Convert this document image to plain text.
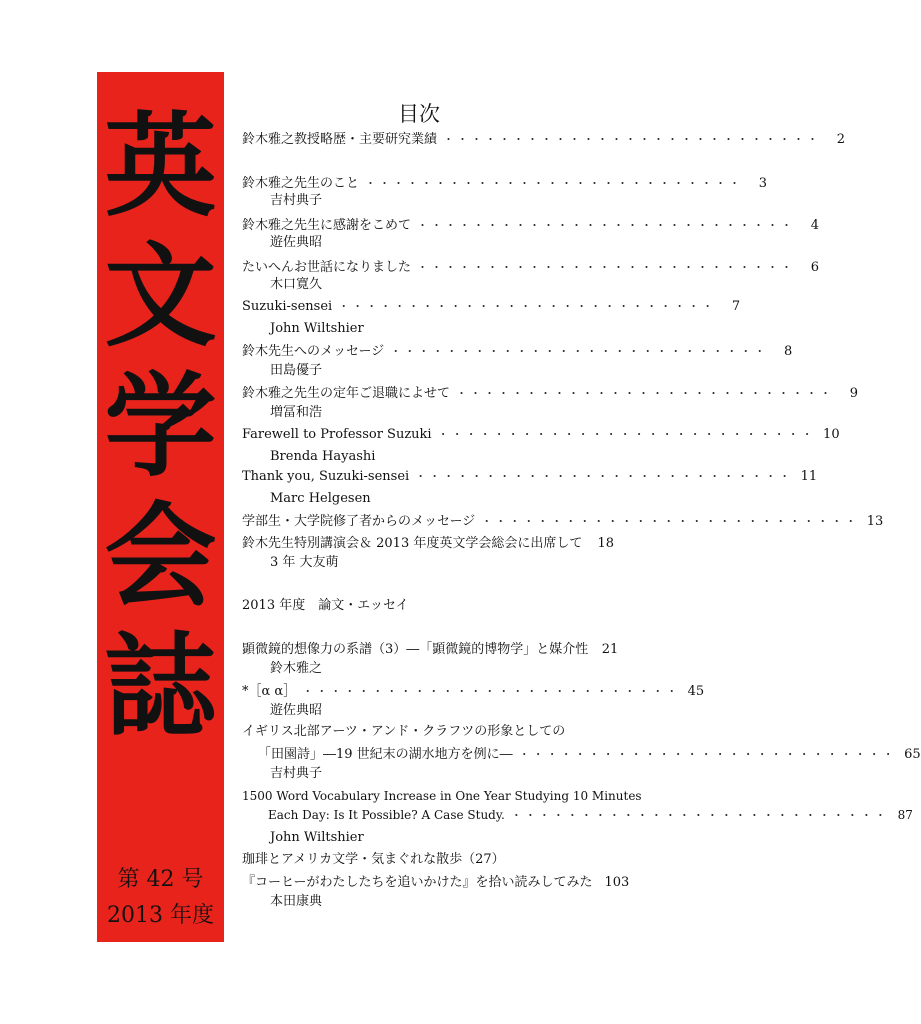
英
文
学
会
誌
第 42 号
2013 年度
目次
鈴木雅之教授略歴・主要研究業績 ・・・・・・・・・・・・・・・・・・・・・・・・・・・	2
鈴木雅之先生のこと ・・・・・・・・・・・・・・・・・・・・・・・・・・・	3
吉村典子
鈴木雅之先生に感謝をこめて ・・・・・・・・・・・・・・・・・・・・・・・・・・・	4
遊佐典昭
たいへんお世話になりました ・・・・・・・・・・・・・・・・・・・・・・・・・・・	6
木口寛久
Suzuki-sensei ・・・・・・・・・・・・・・・・・・・・・・・・・・・	7
John Wiltshier
鈴木先生へのメッセージ ・・・・・・・・・・・・・・・・・・・・・・・・・・・	8
田島優子
鈴木雅之先生の定年ご退職によせて ・・・・・・・・・・・・・・・・・・・・・・・・・・・	9
増冨和浩
Farewell to Professor Suzuki ・・・・・・・・・・・・・・・・・・・・・・・・・・・ 10
Brenda Hayashi
Thank you, Suzuki-sensei ・・・・・・・・・・・・・・・・・・・・・・・・・・・ 11
Marc Helgesen
学部生・大学院修了者からのメッセージ ・・・・・・・・・・・・・・・・・・・・・・・・・・・ 13
鈴木先生特別講演会＆ 2013 年度英文学会総会に出席して 18
3 年 大友萌
2013 年度　論文・エッセイ
顕微鏡的想像力の系譜（3）―「顕微鏡的博物学」と媒介性 21
鈴木雅之
*［α α］ ・・・・・・・・・・・・・・・・・・・・・・・・・・・ 45
遊佐典昭
イギリス北部アーツ・アンド・クラフツの形象としての
「田園詩」―19 世紀末の湖水地方を例に― ・・・・・・・・・・・・・・・・・・・・・・・・・・・ 65
吉村典子
1500 Word Vocabulary Increase in One Year Studying 10 Minutes
Each Day: Is It Possible? A Case Study. ・・・・・・・・・・・・・・・・・・・・・・・・・・・ 87
John Wiltshier
珈琲とアメリカ文学・気まぐれな散歩（27）
『コーヒーがわたしたちを追いかけた』を拾い読みしてみた 103
本田康典
